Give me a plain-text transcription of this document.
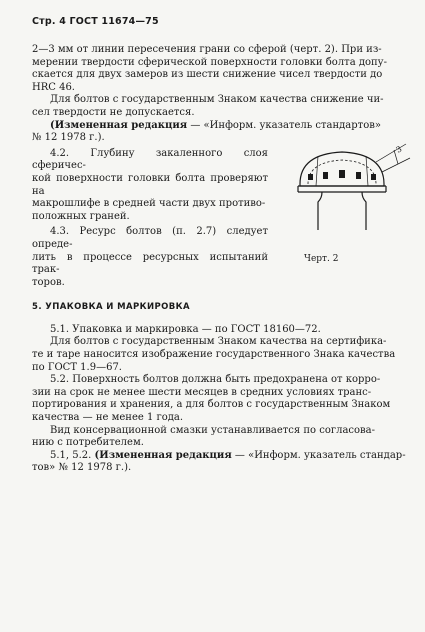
Стр. 4 ГОСТ 11674—75

2—3 мм от линии пересечения грани со сферой (черт. 2). При из-

мерении твердости сферической поверхности головки болта допу-

скается для двух замеров из шести снижение чисел твердости до

HRC 46.

Для болтов с государственным Знаком качества снижение чи-

сел твердости не допускается.

(Измененная редакция — «Информ. указатель стандартов»

№ 12 1978 г.).

4.2. Глубину закаленного слоя сферичес-

кой поверхности головки болта проверяют на

макрошлифе в средней части двух противо-

положных граней.

4.3. Ресурс болтов (п. 2.7) следует опреде-

лить в процессе ресурсных испытаний трак-

торов.

5. УПАКОВКА И МАРКИРОВКА

5.1. Упаковка и маркировка — по ГОСТ 18160—72.

Для болтов с государственным Знаком качества на сертифика-

те и таре наносится изображение государственного Знака качества

по ГОСТ 1.9—67.

5.2. Поверхность болтов должна быть предохранена от корро-

зии на срок не менее шести месяцев в средних условиях транс-

портирования и хранения, а для болтов с государственным Знаком

качества — не менее 1 года.

Вид консервационной смазки устанавливается по согласова-

нию с потребителем.

5.1, 5.2. (Измененная редакция — «Информ. указатель стандар-

тов» № 12 1978 г.).

3
Черт. 2
